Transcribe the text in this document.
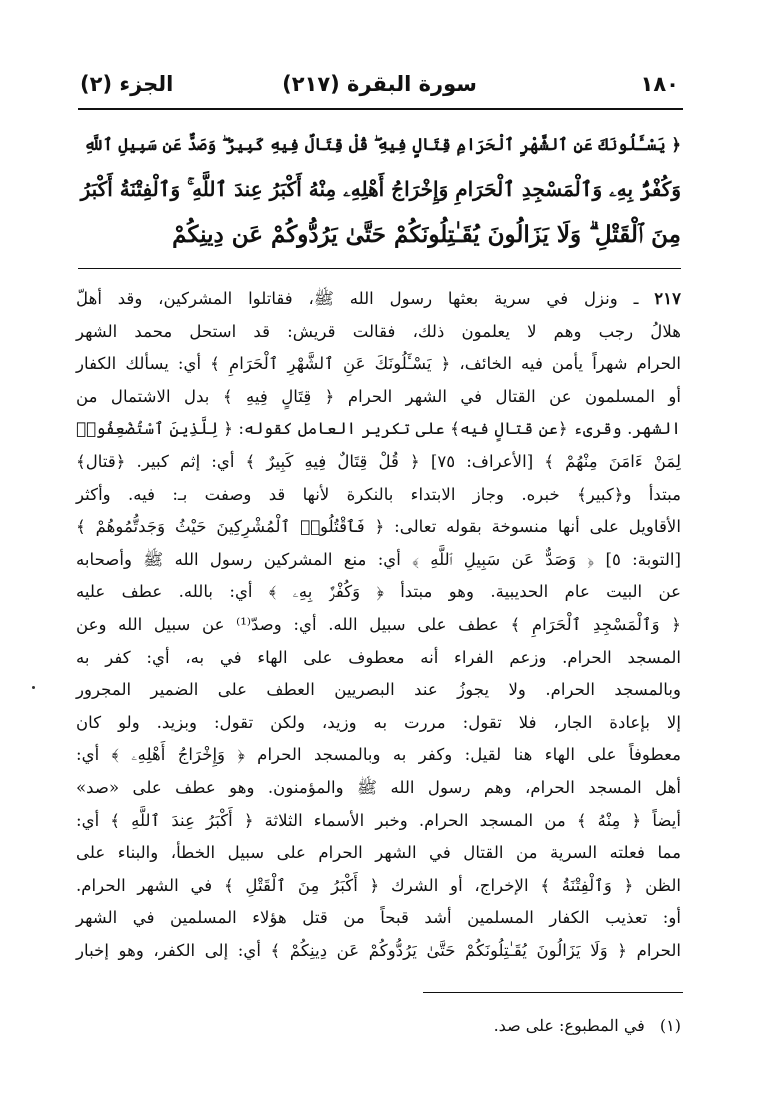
١٨٠
سورة البقرة (٢١٧)
الجزء (٢)
﴿ يَسْـَٔلُونَكَ عَنِ ٱلشَّهْرِ ٱلْحَرَامِ قِتَالٍ فِيهِ ۖ قُلْ قِتَالٌ فِيهِ كَبِيرٌ ۖ وَصَدٌّ عَن سَبِيلِ ٱللَّهِ
وَكُفْرٌۢ بِهِۦ وَٱلْمَسْجِدِ ٱلْحَرَامِ وَإِخْرَاجُ أَهْلِهِۦ مِنْهُ أَكْبَرُ عِندَ ٱللَّهِ ۚ وَٱلْفِتْنَةُ أَكْبَرُ
مِنَ ٱلْقَتْلِ ۗ وَلَا يَزَالُونَ يُقَـٰتِلُونَكُمْ حَتَّىٰ يَرُدُّوكُمْ عَن دِينِكُمْ
٢١٧ ـ ونزل في سرية بعثها رسول الله ﷺ، فقاتلوا المشركين، وقد أهلّ
هلالُ رجب وهم لا يعلمون ذلك، فقالت قريش: قد استحل محمد الشهر
الحرام شهراً يأمن فيه الخائف، ﴿ يَسْـَٔلُونَكَ عَنِ ٱلشَّهْرِ ٱلْحَرَامِ ﴾ أي: يسألك الكفار
أو المسلمون عن القتال في الشهر الحرام ﴿ قِتَالٍ فِيهِ ﴾ بدل الاشتمال من
الشهر. وقرىء ﴿عن قتالٍ فيه﴾ على تكرير العامل كقوله: ﴿ لِلَّذِينَ ٱسْتُضْعِفُوا۟
لِمَنْ ءَامَنَ مِنْهُمْ ﴾ [الأعراف: ٧٥] ﴿ قُلْ قِتَالٌ فِيهِ كَبِيرٌ ﴾ أي: إثم كبير. ﴿قتال﴾
مبتدأ و﴿كبير﴾ خبره. وجاز الابتداء بالنكرة لأنها قد وصفت بـ: فيه. وأكثر
الأقاويل على أنها منسوخة بقوله تعالى: ﴿ فَٱقْتُلُوا۟ ٱلْمُشْرِكِينَ حَيْثُ وَجَدتُّمُوهُمْ ﴾
[التوبة: ٥] ﴿ وَصَدٌّ عَن سَبِيلِ ٱللَّهِ ﴾ أي: منع المشركين رسول الله ﷺ وأصحابه
عن البيت عام الحديبية. وهو مبتدأ ﴿ وَكُفْرٌۢ بِهِۦ ﴾ أي: بالله. عطف عليه
﴿ وَٱلْمَسْجِدِ ٱلْحَرَامِ ﴾ عطف على سبيل الله. أي: وصدّ⁽¹⁾ عن سبيل الله وعن
المسجد الحرام. وزعم الفراء أنه معطوف على الهاء في به، أي: كفر به
وبالمسجد الحرام. ولا يجوزُ عند البصريين العطف على الضمير المجرور
إلا بإعادة الجار، فلا تقول: مررت به وزيد، ولكن تقول: وبزيد. ولو كان
معطوفاً على الهاء هنا لقيل: وكفر به وبالمسجد الحرام ﴿ وَإِخْرَاجُ أَهْلِهِۦ ﴾ أي:
أهل المسجد الحرام، وهم رسول الله ﷺ والمؤمنون. وهو عطف على «صد»
أيضاً ﴿ مِنْهُ ﴾ من المسجد الحرام. وخبر الأسماء الثلاثة ﴿ أَكْبَرُ عِندَ ٱللَّهِ ﴾ أي:
مما فعلته السرية من القتال في الشهر الحرام على سبيل الخطأ، والبناء على
الظن ﴿ وَٱلْفِتْنَةُ ﴾ الإخراج، أو الشرك ﴿ أَكْبَرُ مِنَ ٱلْقَتْلِ ﴾ في الشهر الحرام.
أو: تعذيب الكفار المسلمين أشد قبحاً من قتل هؤلاء المسلمين في الشهر
الحرام ﴿ وَلَا يَزَالُونَ يُقَـٰتِلُونَكُمْ حَتَّىٰ يَرُدُّوكُمْ عَن دِينِكُمْ ﴾ أي: إلى الكفر، وهو إخبار
(١) في المطبوع: على صد.
